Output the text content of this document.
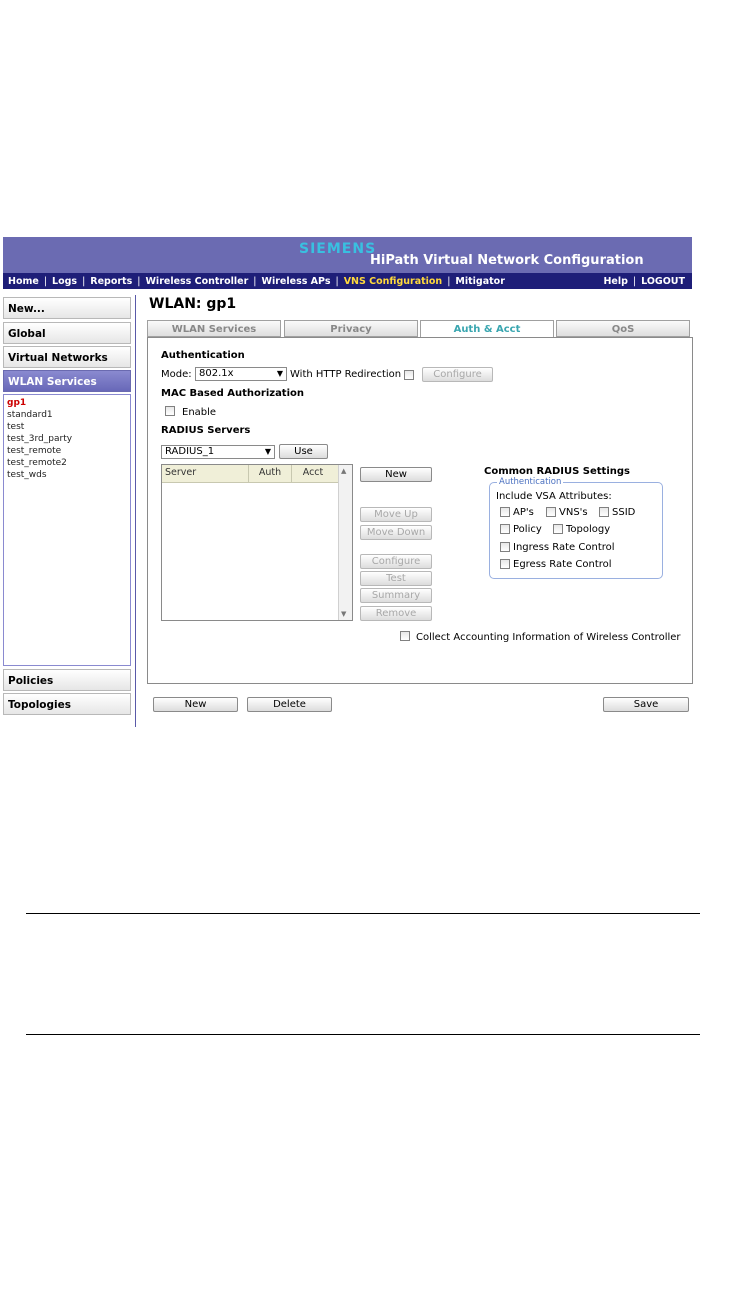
SIEMENS
HiPath Virtual Network Configuration
Home | Logs | Reports | Wireless Controller | Wireless APs | VNS Configuration | Mitigator	Help | LOGOUT
New...
Global
Virtual Networks
WLAN Services
gp1
standard1
test
test_3rd_party
test_remote
test_remote2
test_wds
Policies
Topologies
WLAN: gp1
WLAN Services	Privacy	Auth & Acct	QoS
Authentication
Mode: 802.1x	▼ With HTTP Redirection	Configure
MAC Based Authorization
Enable
RADIUS Servers
RADIUS_1	▼	Use
Server	Auth	Acct	▲
▼
New
Move Up
Move Down
Configure
Test
Summary
Remove
Common RADIUS Settings
Authentication
Include VSA Attributes:
AP's	VNS's SSID
Policy Topology
Ingress Rate Control
Egress Rate Control
Collect Accounting Information of Wireless Controller
New	Delete	Save
